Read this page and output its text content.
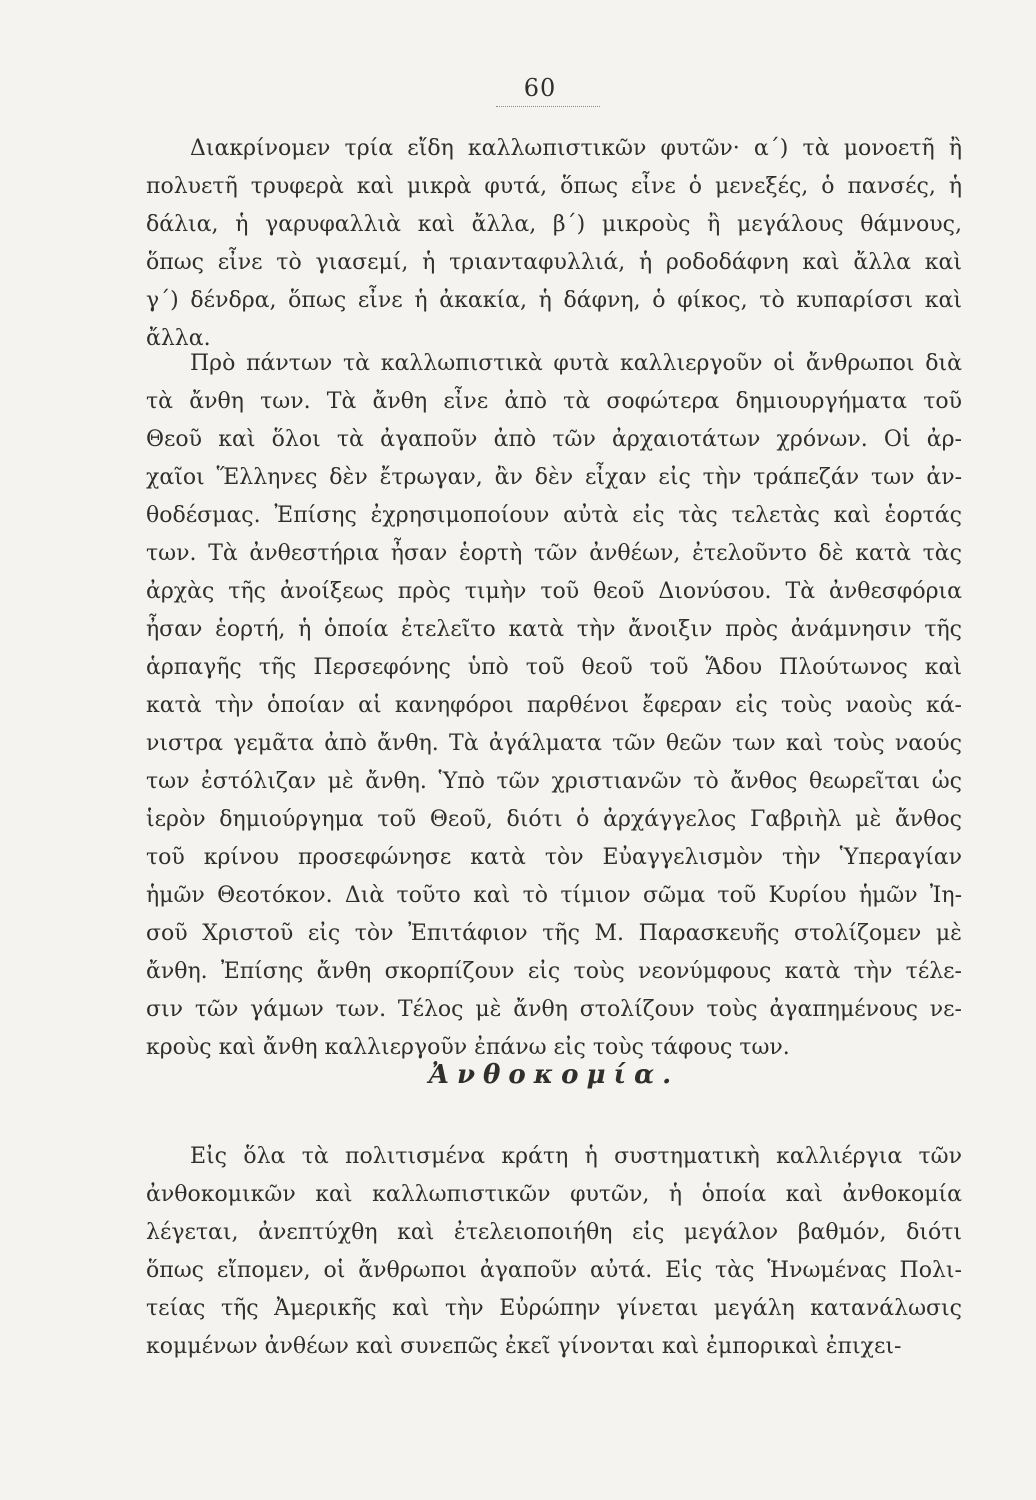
60
Διακρίνομεν τρία εἴδη καλλωπιστικῶν φυτῶν· α΄) τὰ μονοετῆ ἢ
πολυετῆ τρυφερὰ καὶ μικρὰ φυτά, ὅπως εἶνε ὁ μενεξές, ὁ πανσές, ἡ
δάλια, ἡ γαρυφαλλιὰ καὶ ἄλλα, β΄) μικροὺς ἢ μεγάλους θάμνους,
ὅπως εἶνε τὸ γιασεμί, ἡ τριανταφυλλιά, ἡ ροδοδάφνη καὶ ἄλλα καὶ
γ΄) δένδρα, ὅπως εἶνε ἡ ἀκακία, ἡ δάφνη, ὁ φίκος, τὸ κυπαρίσσι καὶ
ἄλλα.
Πρὸ πάντων τὰ καλλωπιστικὰ φυτὰ καλλιεργοῦν οἱ ἄνθρωποι διὰ
τὰ ἄνθη των. Τὰ ἄνθη εἶνε ἀπὸ τὰ σοφώτερα δημιουργήματα τοῦ
Θεοῦ καὶ ὅλοι τὰ ἀγαποῦν ἀπὸ τῶν ἀρχαιοτάτων χρόνων. Οἱ ἀρ-
χαῖοι Ἕλληνες δὲν ἔτρωγαν, ἂν δὲν εἶχαν εἰς τὴν τράπεζάν των ἀν-
θοδέσμας. Ἐπίσης ἐχρησιμοποίουν αὐτὰ εἰς τὰς τελετὰς καὶ ἑορτάς
των. Τὰ ἀνθεστήρια ἦσαν ἑορτὴ τῶν ἀνθέων, ἐτελοῦντο δὲ κατὰ τὰς
ἀρχὰς τῆς ἀνοίξεως πρὸς τιμὴν τοῦ θεοῦ Διονύσου. Τὰ ἀνθεσφόρια
ἦσαν ἑορτή, ἡ ὁποία ἐτελεῖτο κατὰ τὴν ἄνοιξιν πρὸς ἀνάμνησιν τῆς
ἁρπαγῆς τῆς Περσεφόνης ὑπὸ τοῦ θεοῦ τοῦ Ἅδου Πλούτωνος καὶ
κατὰ τὴν ὁποίαν αἱ κανηφόροι παρθένοι ἔφεραν εἰς τοὺς ναοὺς κά-
νιστρα γεμᾶτα ἀπὸ ἄνθη. Τὰ ἀγάλματα τῶν θεῶν των καὶ τοὺς ναούς
των ἐστόλιζαν μὲ ἄνθη. Ὑπὸ τῶν χριστιανῶν τὸ ἄνθος θεωρεῖται ὡς
ἱερὸν δημιούργημα τοῦ Θεοῦ, διότι ὁ ἀρχάγγελος Γαβριὴλ μὲ ἄνθος
τοῦ κρίνου προσεφώνησε κατὰ τὸν Εὐαγγελισμὸν τὴν Ὑπεραγίαν
ἡμῶν Θεοτόκον. Διὰ τοῦτο καὶ τὸ τίμιον σῶμα τοῦ Κυρίου ἡμῶν Ἰη-
σοῦ Χριστοῦ εἰς τὸν Ἐπιτάφιον τῆς Μ. Παρασκευῆς στολίζομεν μὲ
ἄνθη. Ἐπίσης ἄνθη σκορπίζουν εἰς τοὺς νεονύμφους κατὰ τὴν τέλε-
σιν τῶν γάμων των. Τέλος μὲ ἄνθη στολίζουν τοὺς ἀγαπημένους νε-
κροὺς καὶ ἄνθη καλλιεργοῦν ἐπάνω εἰς τοὺς τάφους των.
Ἀνθοκομία.
Εἰς ὅλα τὰ πολιτισμένα κράτη ἡ συστηματικὴ καλλιέργια τῶν
ἀνθοκομικῶν καὶ καλλωπιστικῶν φυτῶν, ἡ ὁποία καὶ ἀνθοκομία
λέγεται, ἀνεπτύχθη καὶ ἐτελειοποιήθη εἰς μεγάλον βαθμόν, διότι
ὅπως εἴπομεν, οἱ ἄνθρωποι ἀγαποῦν αὐτά. Εἰς τὰς Ἡνωμένας Πολι-
τείας τῆς Ἀμερικῆς καὶ τὴν Εὐρώπην γίνεται μεγάλη κατανάλωσις
κομμένων ἀνθέων καὶ συνεπῶς ἐκεῖ γίνονται καὶ ἐμπορικαὶ ἐπιχει-
